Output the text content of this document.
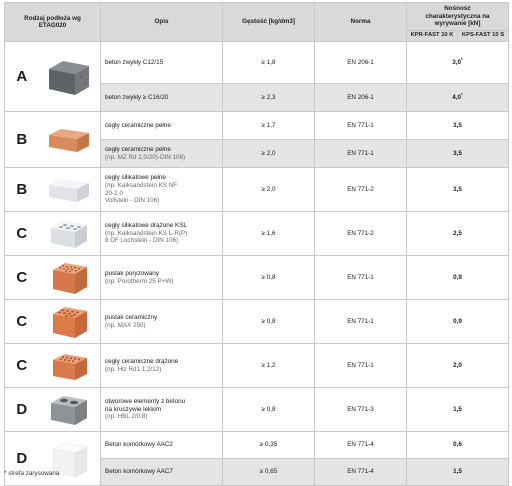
Rodzaj podłoża wg ETAG020		Opis	Gęstość [kg/dm3]	Norma	Nośność charakterystyczna na wyrywanie [kN]	
					KPR-FAST 10 K	KPS-FAST 10 S
A		beton zwykły C12/15	≥ 1,8	EN 206-1	3,0*
		beton zwykły ≥ C16/20	≥ 2,3	EN 206-1	4,0*
B		cegły ceramiczne pełne	≥ 1,7	EN 771-1	3,5	

		cegły ceramiczne pełne
(np. MZ Rd 2,0/20)-DIN 106)	≥ 2,0	EN 771-1	3,5	
B		cegły silikatowe pełne
(np. Kalksandstein KS NF
20-2.0
Vollstein - DIN 106)	≥ 2,0	EN 771-2	3,5	
C		cegły silikatowe drążone KSL
(np. Kalksandstein KS L-R(P)
8 DF Lochstein - DIN 106)	≥ 1,6	EN 771-2	2,5	
C		pustak poryzowany
(np. Porotherm 25 P+W)	≥ 0,8	EN 771-1	0,9	
C		pustak ceramiczny
(np. MAX 250)	≥ 0,8	EN 771-1	0,9	
C		cegły ceramiczne drążone
(np. Hlz Rd1 1,2/12)	≥ 1,2	EN 771-1	2,0	
D		otworowe elementy z betonu
na kruszywie lekkim
(np. HBL 2/0.8)	≥ 0,8	EN 771-3	1,5	
D		Beton komórkowy AAC2	≥ 0,35	EN 771-4	0,6	
		Beton komórkowy AAC7	≥ 0,65	EN 771-4	1,5	
* strefa zarysowana
